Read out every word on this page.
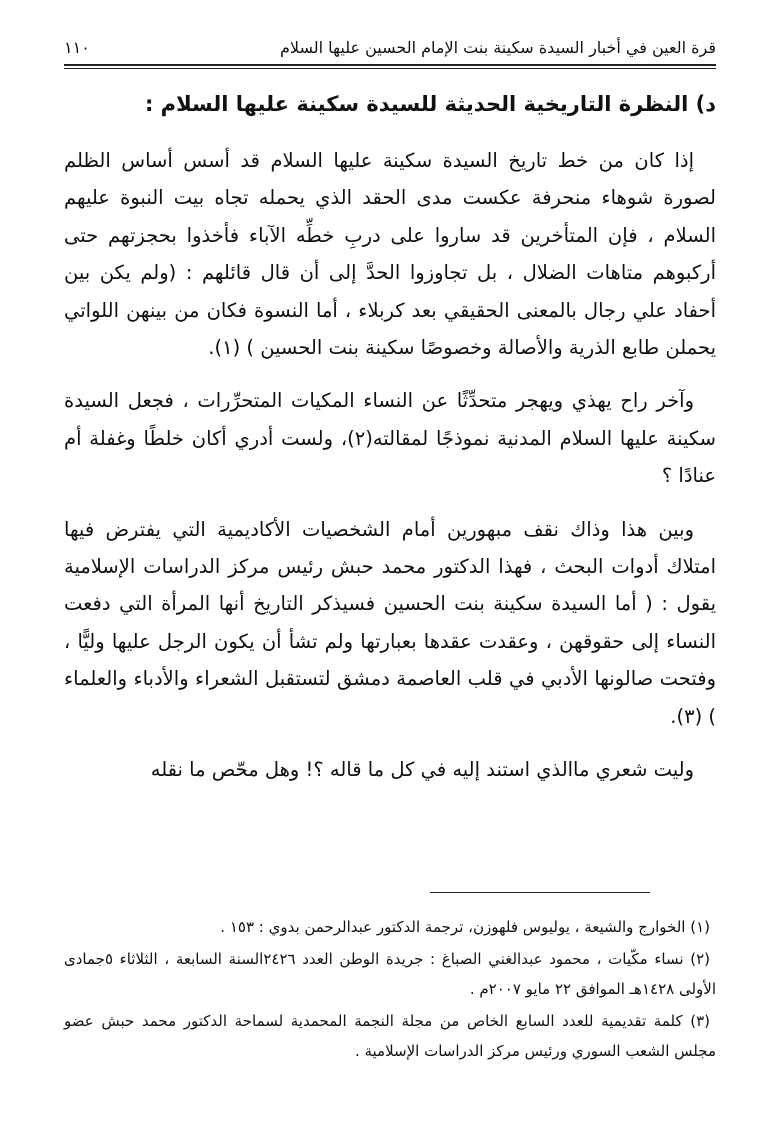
قرة العين في أخبار السيدة سكينة بنت الإمام الحسين عليها السلام
١١٠
د) النظرة التاريخية الحديثة للسيدة سكينة عليها السلام :

إذا كان من خط تاريخ السيدة سكينة عليها السلام قد أسس أساس الظلم لصورة شوهاء منحرفة عكست مدى الحقد الذي يحمله تجاه بيت النبوة عليهم السلام ، فإن المتأخرين قد ساروا على دربِ خطِّه الآباء فأخذوا بحجزتهم حتى أركبوهم متاهات الضلال ، بل تجاوزوا الحدَّ إلى أن قال قائلهم : (ولم يكن بين أحفاد علي رجال بالمعنى الحقيقي بعد كربلاء ، أما النسوة فكان من بينهن اللواتي يحملن طابع الذرية والأصالة وخصوصًا سكينة بنت الحسين ) (١).

وآخر راح يهذي ويهجر متحدِّثًا عن النساء المكيات المتحرِّرات ، فجعل السيدة سكينة عليها السلام المدنية نموذجًا لمقالته(٢)، ولست أدري أكان خلطًا وغفلة أم عنادًا ؟

وبين هذا وذاك نقف مبهورين أمام الشخصيات الأكاديمية التي يفترض فيها امتلاك أدوات البحث ، فهذا الدكتور محمد حبش رئيس مركز الدراسات الإسلامية يقول : ( أما السيدة سكينة بنت الحسين فسيذكر التاريخ أنها المرأة التي دفعت النساء إلى حقوقهن ، وعقدت عقدها بعبارتها ولم تشأ أن يكون الرجل عليها وليًّا ، وفتحت صالونها الأدبي في قلب العاصمة دمشق لتستقبل الشعراء والأدباء والعلماء ) (٣).

وليت شعري ماالذي استند إليه في كل ما قاله ؟! وهل محّص ما نقله

(١) الخوارج والشيعة ، يوليوس فلهوزن، ترجمة الدكتور عبدالرحمن بدوي : ١٥٣ .

(٢) نساء مكّيات ، محمود عبدالغني الصباغ : جريدة الوطن العدد ٢٤٢٦السنة السابعة ، الثلاثاء ٥جمادى الأولى ١٤٢٨هـ الموافق ٢٢ مايو ٢٠٠٧م .

(٣) كلمة تقديمية للعدد السابع الخاص من مجلة النجمة المحمدية لسماحة الدكتور محمد حبش عضو مجلس الشعب السوري ورئيس مركز الدراسات الإسلامية .
